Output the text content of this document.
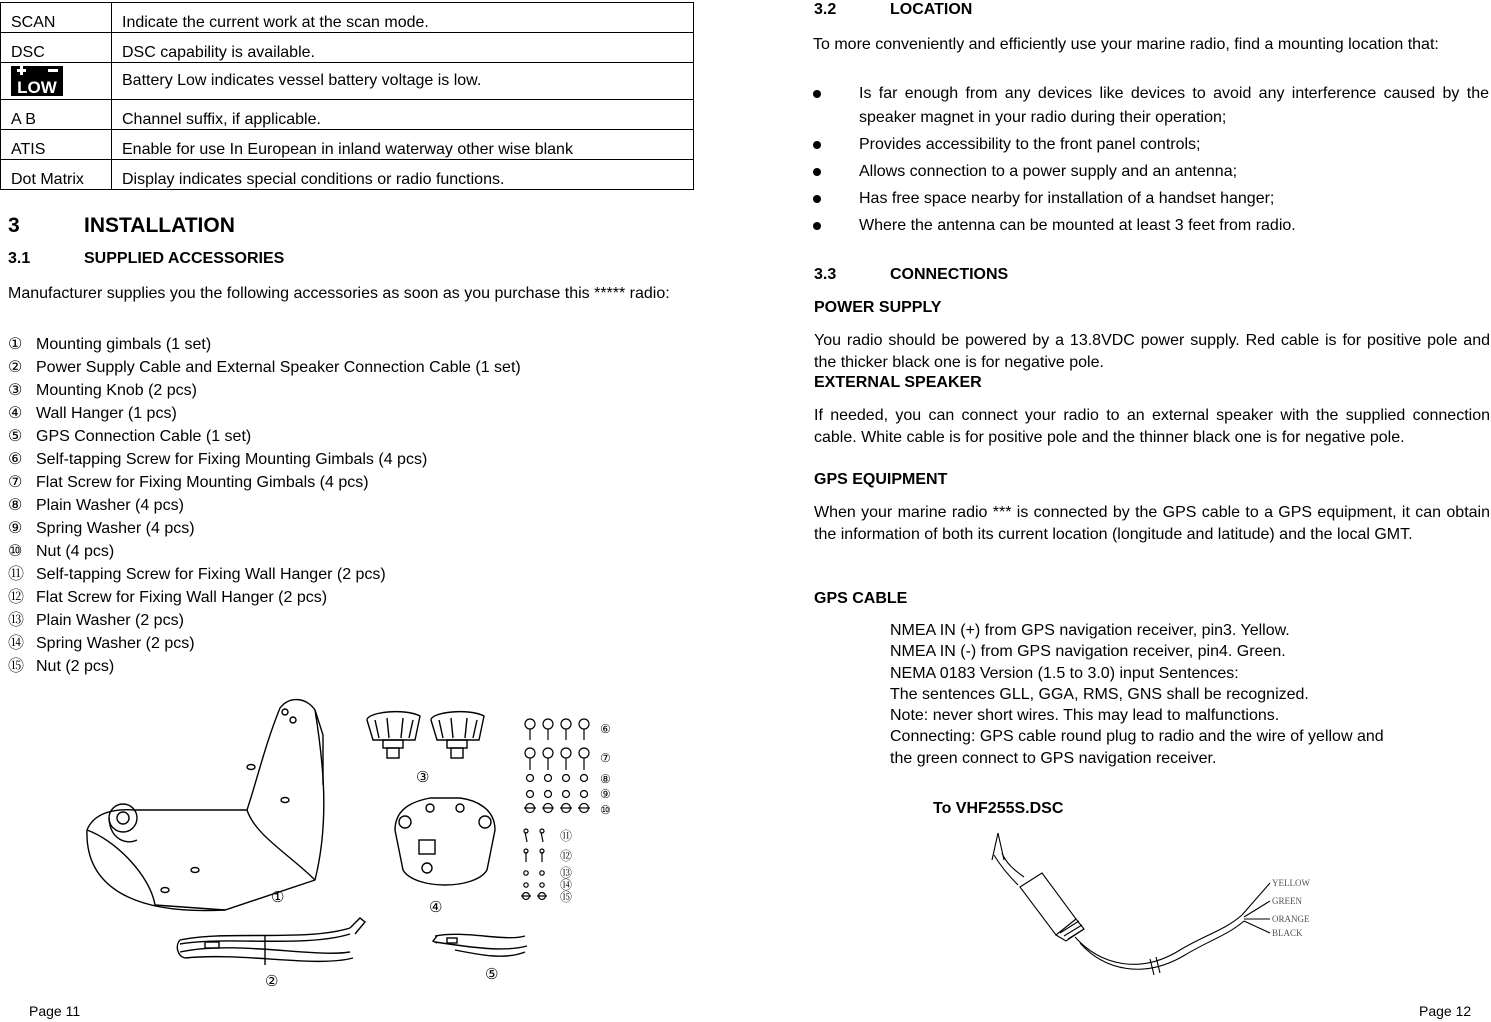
SCAN	Indicate the current work at the scan mode.
DSC	DSC capability is available.

LOW	Battery Low indicates vessel battery voltage is low.
A B	Channel suffix, if applicable.
ATIS	Enable for use In European in inland waterway other wise blank
Dot Matrix	Display indicates special conditions or radio functions.
3	INSTALLATION
3.1	SUPPLIED ACCESSORIES
Manufacturer supplies you the following accessories as soon as you purchase this ***** radio:
① Mounting gimbals (1 set)
② Power Supply Cable and External Speaker Connection Cable (1 set)
③ Mounting Knob (2 pcs)
④ Wall Hanger (1 pcs)
⑤ GPS Connection Cable (1 set)
⑥ Self-tapping Screw for Fixing Mounting Gimbals (4 pcs)
⑦ Flat Screw for Fixing Mounting Gimbals (4 pcs)
⑧ Plain Washer (4 pcs)
⑨ Spring Washer (4 pcs)
⑩ Nut (4 pcs)
⑪ Self-tapping Screw for Fixing Wall Hanger (2 pcs)
⑫ Flat Screw for Fixing Wall Hanger (2 pcs)
⑬ Plain Washer (2 pcs)
⑭ Spring Washer (2 pcs)
⑮ Nut (2 pcs)
①
③
④
⑥
⑦
⑧
⑨
⑩
⑪
⑫
⑬
⑭
⑮
②	⑤
Page 11
3.2	LOCATION
To more conveniently and efficiently use your marine radio, find a mounting location that:
Is far enough from any devices like devices to avoid any interference caused by the speaker magnet in your radio during their operation;
Provides accessibility to the front panel controls;
Allows connection to a power supply and an antenna;
Has free space nearby for installation of a handset hanger;
Where the antenna can be mounted at least 3 feet from radio.
3.3	CONNECTIONS
POWER SUPPLY
You radio should be powered by a 13.8VDC power supply. Red cable is for positive pole and the thicker black one is for negative pole.
EXTERNAL SPEAKER
If needed, you can connect your radio to an external speaker with the supplied connection cable. White cable is for positive pole and the thinner black one is for negative pole.
GPS EQUIPMENT
When your marine radio *** is connected by the GPS cable to a GPS equipment, it can obtain the information of both its current location (longitude and latitude) and the local GMT.
GPS CABLE
NMEA IN (+) from GPS navigation receiver, pin3. Yellow.
NMEA IN (-) from GPS navigation receiver, pin4. Green.
NEMA 0183 Version (1.5 to 3.0) input Sentences:
The sentences GLL, GGA, RMS, GNS shall be recognized.
Note: never short wires. This may lead to malfunctions.
Connecting: GPS cable round plug to radio and the wire of yellow and
the green connect to GPS navigation receiver.
To VHF255S.DSC
YELLOW
GREEN
ORANGE
BLACK
Page 12
